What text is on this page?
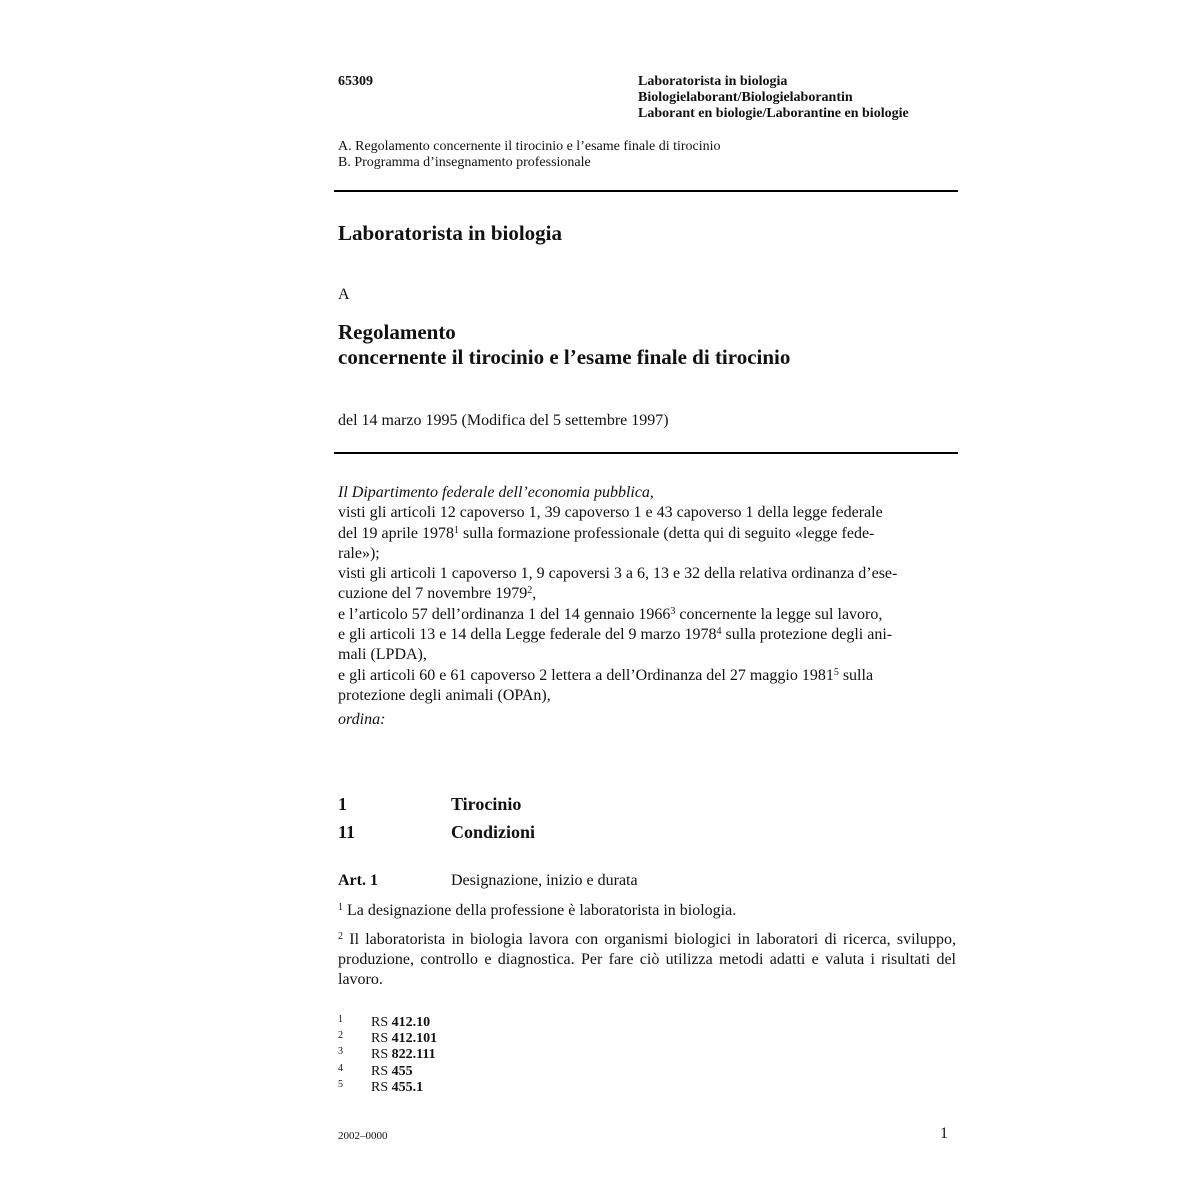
65309	Laboratorista in biologia
Biologielaborant/Biologielaborantin
Laborant en biologie/Laborantine en biologie
A. Regolamento concernente il tirocinio e l’esame finale di tirocinio
B. Programma d’insegnamento professionale
Laboratorista in biologia
A
Regolamento
concernente il tirocinio e l’esame finale di tirocinio
del 14 marzo 1995 (Modifica del 5 settembre 1997)
Il Dipartimento federale dell’economia pubblica,
visti gli articoli 12 capoverso 1, 39 capoverso 1 e 43 capoverso 1 della legge federale
del 19 aprile 1978$^1$ sulla formazione professionale (detta qui di seguito «legge fede-
rale»);
visti gli articoli 1 capoverso 1, 9 capoversi 3 a 6, 13 e 32 della relativa ordinanza d’ese-
cuzione del 7 novembre 1979$^2$,
e l’articolo 57 dell’ordinanza 1 del 14 gennaio 1966$^3$ concernente la legge sul lavoro,
e gli articoli 13 e 14 della Legge federale del 9 marzo 1978$^4$ sulla protezione degli ani-
mali (LPDA),
e gli articoli 60 e 61 capoverso 2 lettera a dell’Ordinanza del 27 maggio 1981$^5$ sulla
protezione degli animali (OPAn),
ordina:
1	Tirocinio
11	Condizioni
Art. 1	Designazione, inizio e durata
$^1$ La designazione della professione è laboratorista in biologia.
$^2$ Il laboratorista in biologia lavora con organismi biologici in laboratori di ricerca, sviluppo, produzione, controllo e diagnostica. Per fare ciò utilizza metodi adatti e valuta i risultati del lavoro.
1	RS 412.10
2	RS 412.101
3	RS 822.111
4	RS 455
5	RS 455.1
2002–0000	1
